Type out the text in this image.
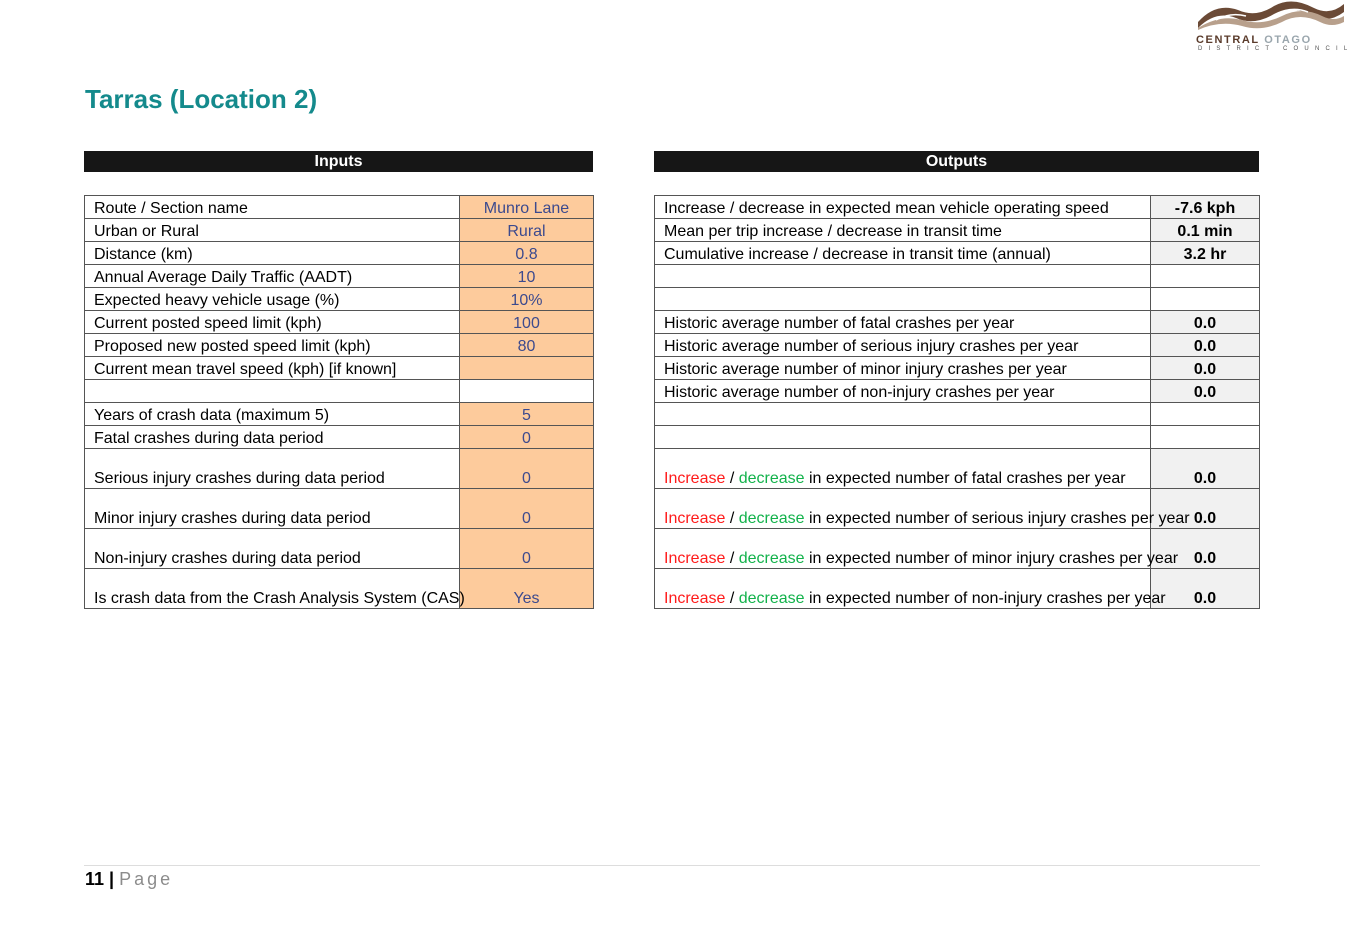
CENTRAL OTAGO
DISTRICT COUNCIL
Tarras (Location 2)
Inputs	Outputs
Route / Section name	Munro Lane
Urban or Rural	Rural
Distance (km)	0.8
Annual Average Daily Traffic (AADT)	10
Expected heavy vehicle usage (%)	10%
Current posted speed limit (kph)	100
Proposed new posted speed limit (kph)	80
Current mean travel speed (kph) [if known]	

Years of crash data (maximum 5)	5
Fatal crashes during data period	0
Serious injury crashes during data period	0
Minor injury crashes during data period	0
Non-injury crashes during data period	0
Is crash data from the Crash Analysis System (CAS)	Yes
Increase / decrease in expected mean vehicle operating speed	-7.6 kph
Mean per trip increase / decrease in transit time	0.1 min
Cumulative increase / decrease in transit time (annual)	3.2 hr

Historic average number of fatal crashes per year	0.0
Historic average number of serious injury crashes per year	0.0
Historic average number of minor injury crashes per year	0.0
Historic average number of non-injury crashes per year	0.0

Increase / decrease in expected number of fatal crashes per year	0.0
Increase / decrease in expected number of serious injury crashes per year	0.0
Increase / decrease in expected number of minor injury crashes per year	0.0
Increase / decrease in expected number of non-injury crashes per year	0.0
11 | Page
